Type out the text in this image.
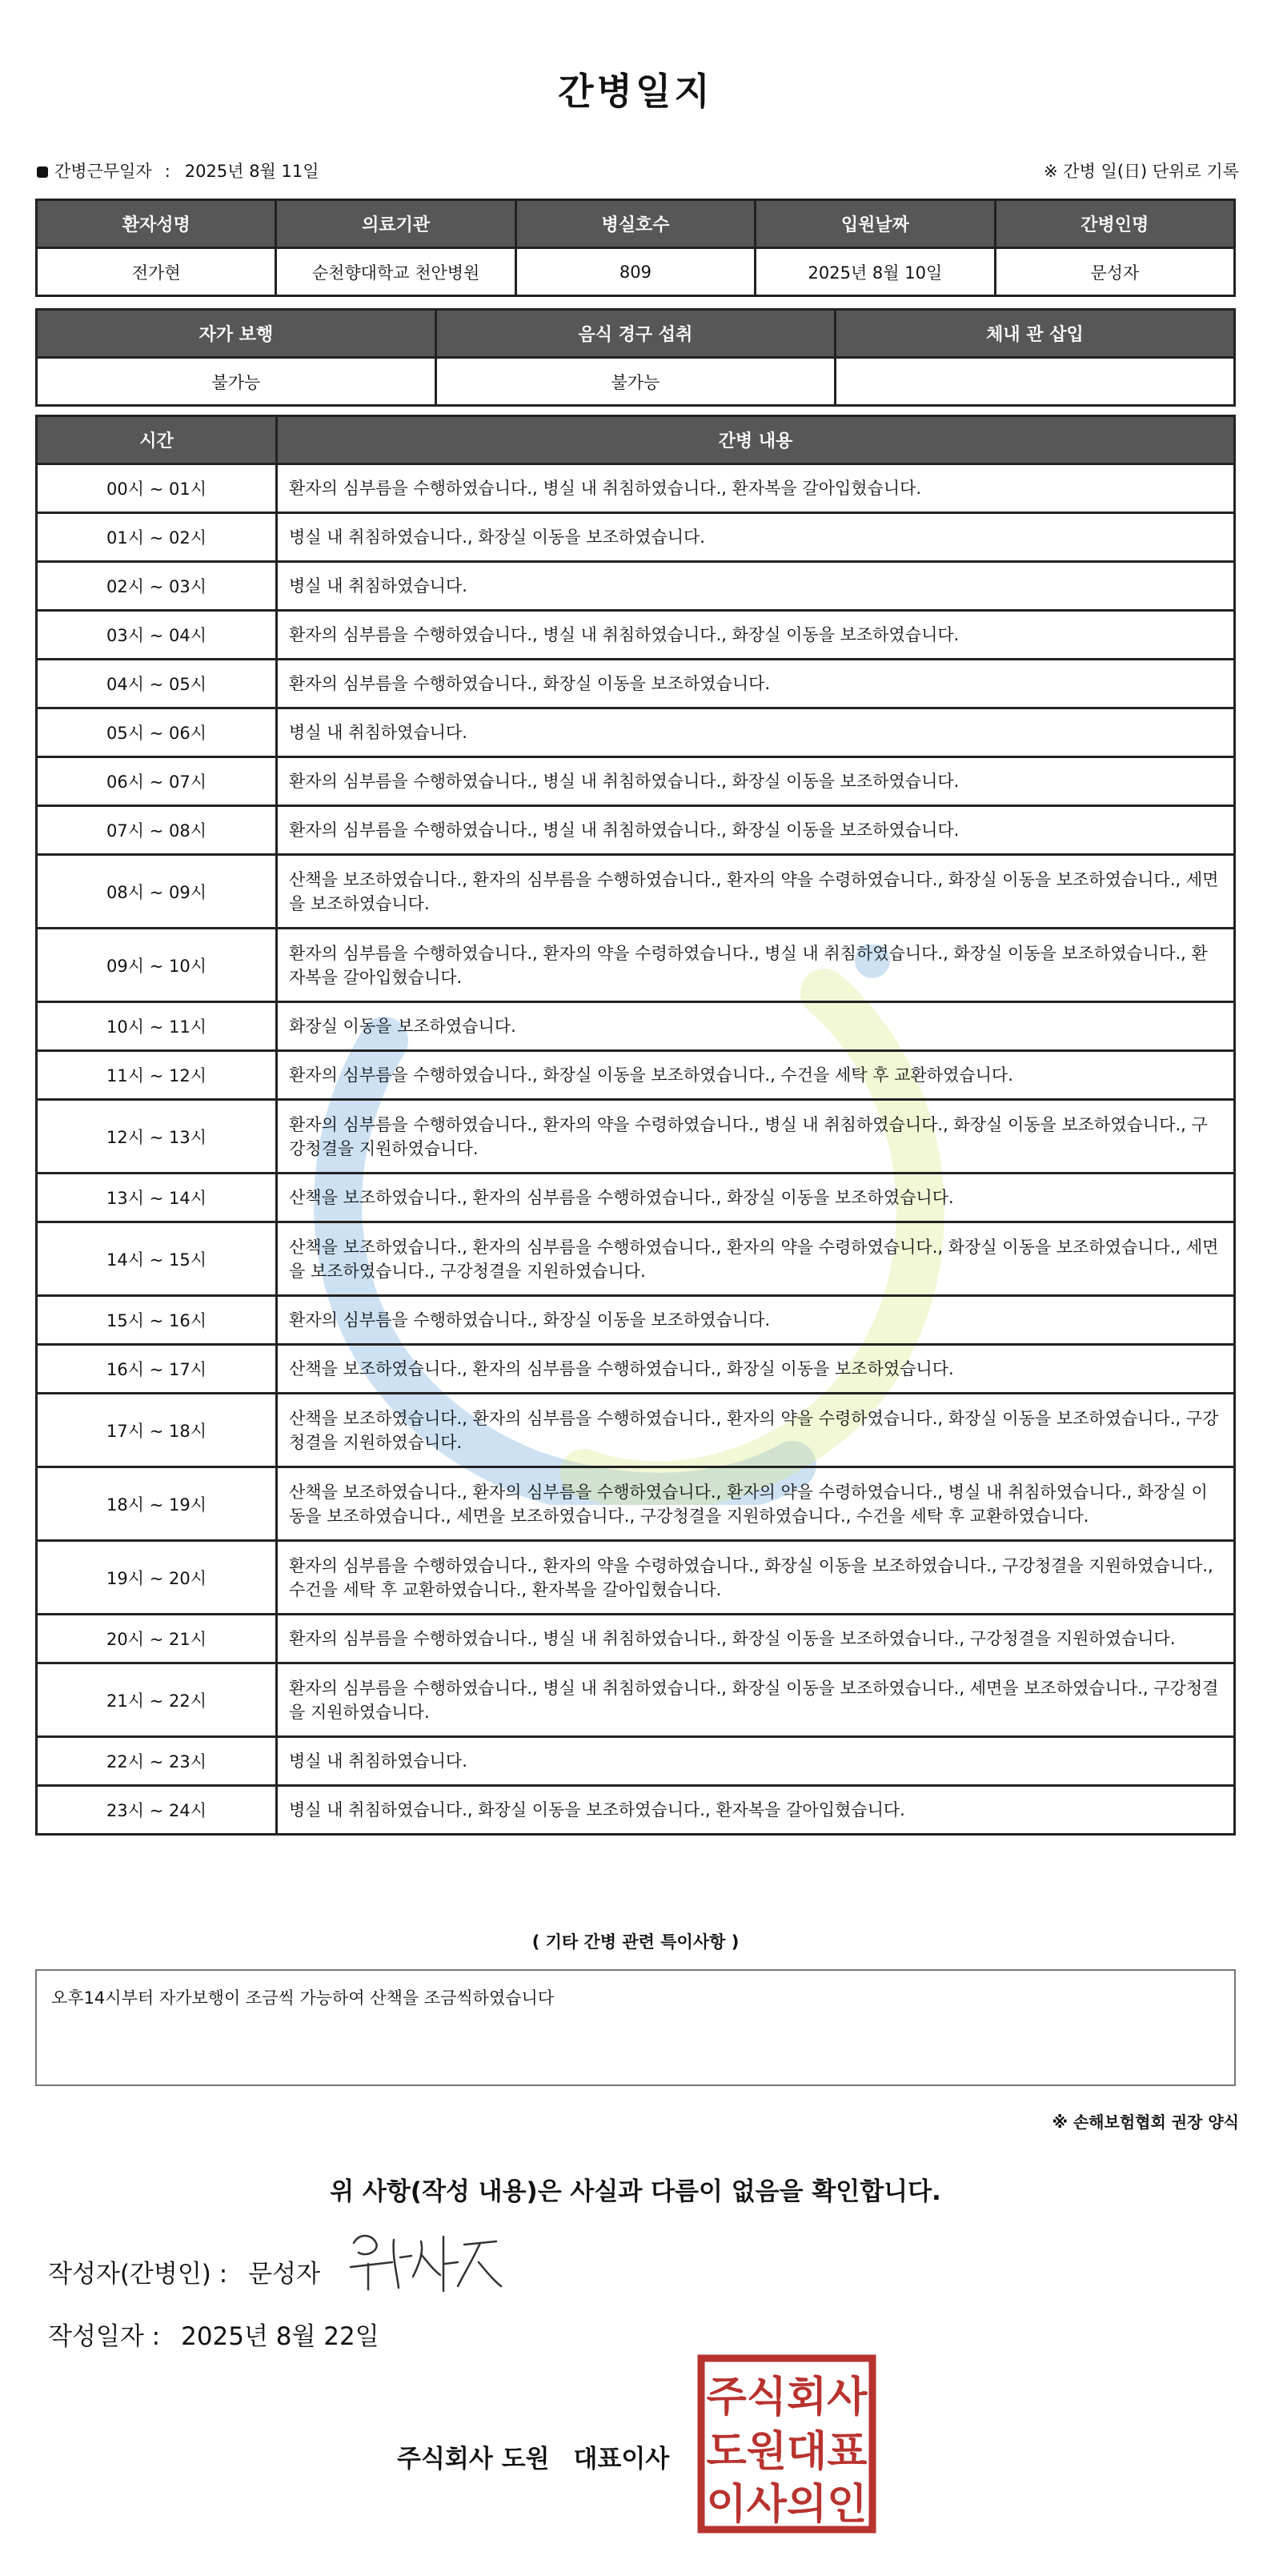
간병일지
간병근무일자 : 2025년 8월 11일	※ 간병 일(日) 단위로 기록
환자성명	의료기관	병실호수	입원날짜	간병인명
전가현	순천향대학교 천안병원	809	2025년 8월 10일	문성자
자가 보행	음식 경구 섭취	체내 관 삽입
불가능	불가능	
시간	간병 내용
00시 ~ 01시	환자의 심부름을 수행하였습니다., 병실 내 취침하였습니다., 환자복을 갈아입혔습니다.
01시 ~ 02시	병실 내 취침하였습니다., 화장실 이동을 보조하였습니다.
02시 ~ 03시	병실 내 취침하였습니다.
03시 ~ 04시	환자의 심부름을 수행하였습니다., 병실 내 취침하였습니다., 화장실 이동을 보조하였습니다.
04시 ~ 05시	환자의 심부름을 수행하였습니다., 화장실 이동을 보조하였습니다.
05시 ~ 06시	병실 내 취침하였습니다.
06시 ~ 07시	환자의 심부름을 수행하였습니다., 병실 내 취침하였습니다., 화장실 이동을 보조하였습니다.
07시 ~ 08시	환자의 심부름을 수행하였습니다., 병실 내 취침하였습니다., 화장실 이동을 보조하였습니다.
08시 ~ 09시	산책을 보조하였습니다., 환자의 심부름을 수행하였습니다., 환자의 약을 수령하였습니다., 화장실 이동을 보조하였습니다., 세면을 보조하였습니다.
09시 ~ 10시	환자의 심부름을 수행하였습니다., 환자의 약을 수령하였습니다., 병실 내 취침하였습니다., 화장실 이동을 보조하였습니다., 환자복을 갈아입혔습니다.
10시 ~ 11시	화장실 이동을 보조하였습니다.
11시 ~ 12시	환자의 심부름을 수행하였습니다., 화장실 이동을 보조하였습니다., 수건을 세탁 후 교환하였습니다.
12시 ~ 13시	환자의 심부름을 수행하였습니다., 환자의 약을 수령하였습니다., 병실 내 취침하였습니다., 화장실 이동을 보조하였습니다., 구강청결을 지원하였습니다.
13시 ~ 14시	산책을 보조하였습니다., 환자의 심부름을 수행하였습니다., 화장실 이동을 보조하였습니다.
14시 ~ 15시	산책을 보조하였습니다., 환자의 심부름을 수행하였습니다., 환자의 약을 수령하였습니다., 화장실 이동을 보조하였습니다., 세면을 보조하였습니다., 구강청결을 지원하였습니다.
15시 ~ 16시	환자의 심부름을 수행하였습니다., 화장실 이동을 보조하였습니다.
16시 ~ 17시	산책을 보조하였습니다., 환자의 심부름을 수행하였습니다., 화장실 이동을 보조하였습니다.
17시 ~ 18시	산책을 보조하였습니다., 환자의 심부름을 수행하였습니다., 환자의 약을 수령하였습니다., 화장실 이동을 보조하였습니다., 구강청결을 지원하였습니다.
18시 ~ 19시	산책을 보조하였습니다., 환자의 심부름을 수행하였습니다., 환자의 약을 수령하였습니다., 병실 내 취침하였습니다., 화장실 이동을 보조하였습니다., 세면을 보조하였습니다., 구강청결을 지원하였습니다., 수건을 세탁 후 교환하였습니다.
19시 ~ 20시	환자의 심부름을 수행하였습니다., 환자의 약을 수령하였습니다., 화장실 이동을 보조하였습니다., 구강청결을 지원하였습니다., 수건을 세탁 후 교환하였습니다., 환자복을 갈아입혔습니다.
20시 ~ 21시	환자의 심부름을 수행하였습니다., 병실 내 취침하였습니다., 화장실 이동을 보조하였습니다., 구강청결을 지원하였습니다.
21시 ~ 22시	환자의 심부름을 수행하였습니다., 병실 내 취침하였습니다., 화장실 이동을 보조하였습니다., 세면을 보조하였습니다., 구강청결을 지원하였습니다.
22시 ~ 23시	병실 내 취침하였습니다.
23시 ~ 24시	병실 내 취침하였습니다., 화장실 이동을 보조하였습니다., 환자복을 갈아입혔습니다.
( 기타 간병 관련 특이사항 )
오후14시부터 자가보행이 조금씩 가능하여 산책을 조금씩하였습니다
※ 손해보험협회 권장 양식
위 사항(작성 내용)은 사실과 다름이 없음을 확인합니다.
작성자(간병인) : 문성자
작성일자 : 2025년 8월 22일
주식회사 도원 대표이사
주식회사
도원대표
이사의인
